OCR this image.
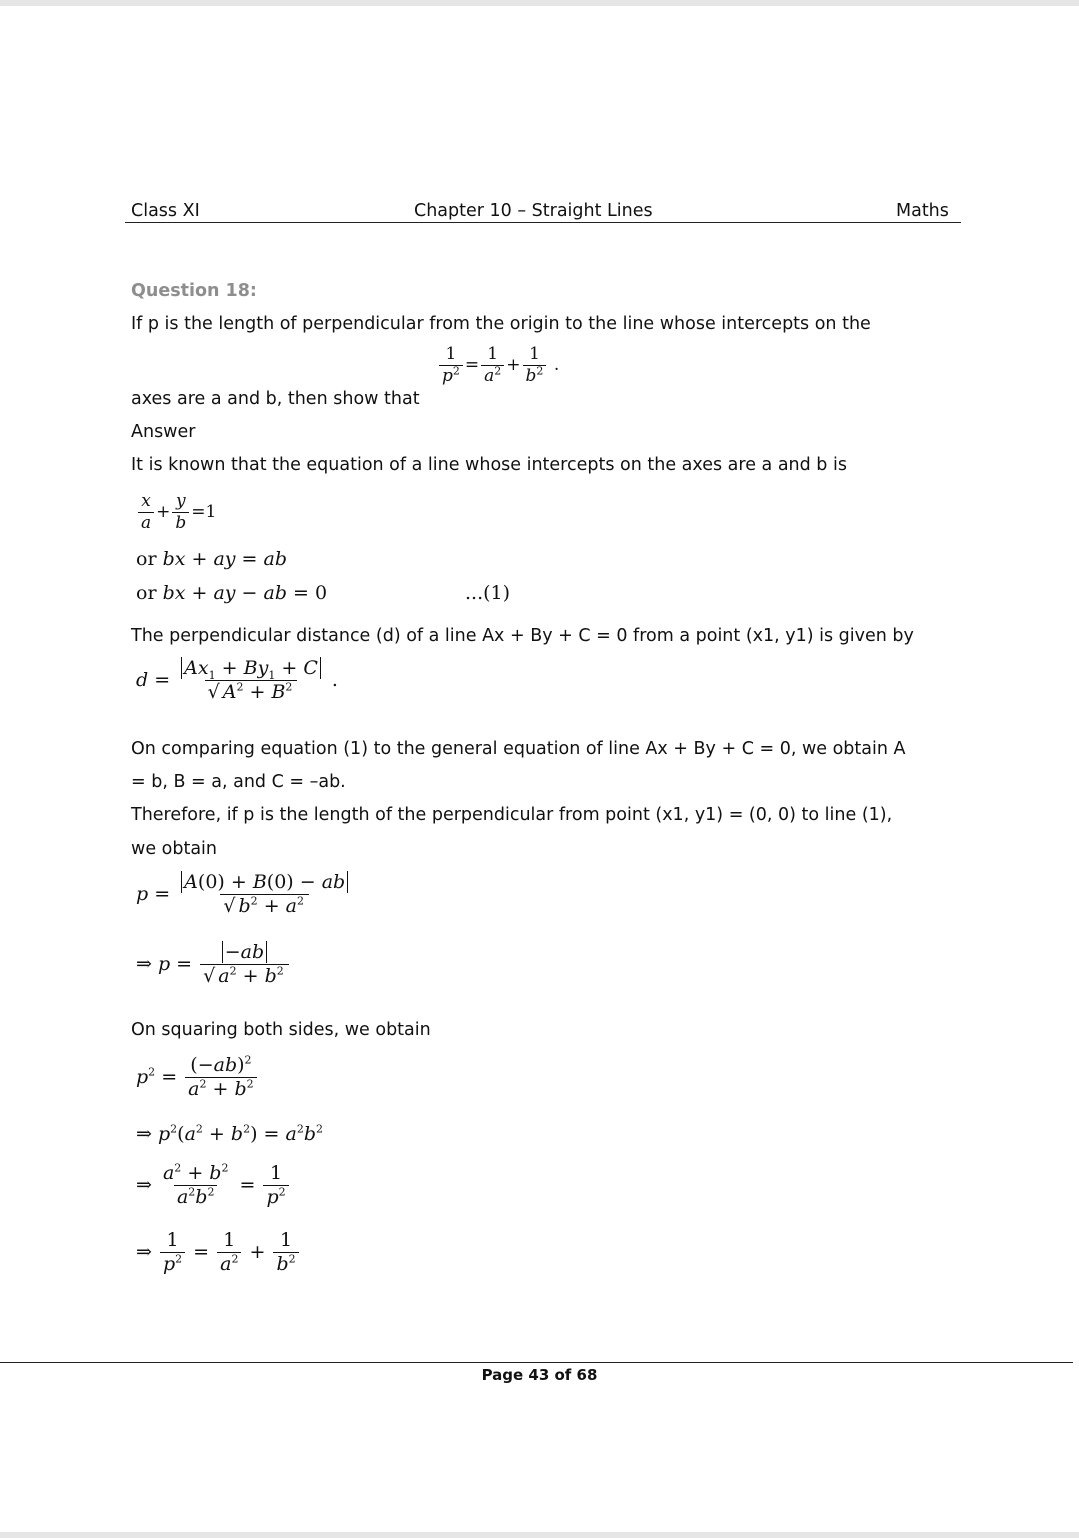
Class XI	Chapter 10 – Straight Lines	Maths
Question 18:
If p is the length of perpendicular from the origin to the line whose intercepts on the
axes are a and b, then show that
$\frac{1}{p^2} = \frac{1}{a^2} + \frac{1}{b^2}$ .
Answer
It is known that the equation of a line whose intercepts on the axes are a and b is
$\frac{x}{a} + \frac{y}{b} =1$
or bx + ay = ab
or bx + ay − ab = 0	...(1)
The perpendicular distance (d) of a line Ax + By + C = 0 from a point (x1, y1) is given by
$d = \frac{Ax_1 + By_1 + C}{√ A^2 + B^2}$ .
On comparing equation (1) to the general equation of line Ax + By + C = 0, we obtain A
= b, B = a, and C = –ab.
Therefore, if p is the length of the perpendicular from point (x1, y1) = (0, 0) to line (1),
we obtain
$p = \frac{A(0) + B(0) - ab}{√ b^2 + a^2}$
⇒ $p = \frac{-ab}{√ a^2 + b^2}$
On squaring both sides, we obtain
$p^2 = \frac{(-ab)^2}{a^2 + b^2}$
⇒ $p^2(a^2 + b^2) = a^2b^2$
⇒ $\frac{a^2 + b^2}{a^2b^2} = \frac{1}{p^2}$
⇒ $\frac{1}{p^2} = \frac{1}{a^2} + \frac{1}{b^2}$
Page 43 of 68
